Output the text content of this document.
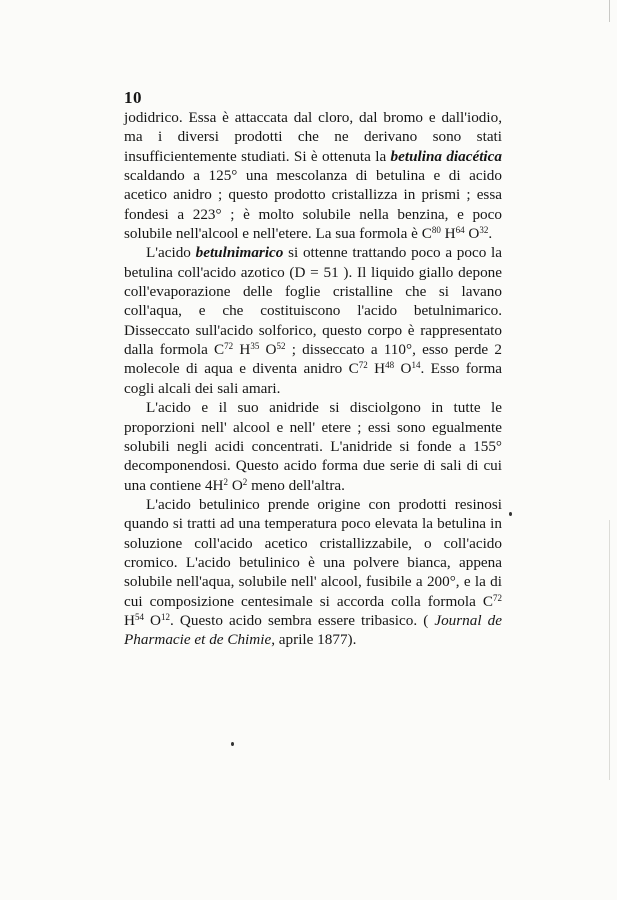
10

jodidrico. Essa è attaccata dal cloro, dal bromo e dall'iodio, ma i diversi prodotti che ne derivano sono stati insufficientemente studiati. Si è ottenuta la betulina diacética scaldando a 125° una mescolanza di betulina e di acido acetico anidro ; questo prodotto cristallizza in prismi ; essa fondesi a 223° ; è molto solubile nella benzina, e poco solubile nell'alcool e nell'etere. La sua formola è $C^{80}$ $H^{64}$ $O^{32}$.

L'acido betulnimarico si ottenne trattando poco a poco la betulina coll'acido azotico (D = 51 ). Il liquido giallo depone coll'evaporazione delle foglie cristalline che si lavano coll'aqua, e che costituiscono l'acido betulnimarico. Disseccato sull'acido solforico, questo corpo è rappresentato dalla formola $C^{72}$ $H^{35}$ $O^{52}$ ; disseccato a 110°, esso perde 2 molecole di aqua e diventa anidro $C^{72}$ $H^{48}$ $O^{14}$. Esso forma cogli alcali dei sali amari.

L'acido e il suo anidride si disciolgono in tutte le proporzioni nell' alcool e nell' etere ; essi sono egualmente solubili negli acidi concentrati. L'anidride si fonde a 155° decomponendosi. Questo acido forma due serie di sali di cui una contiene $4H^2$ $O^2$ meno dell'altra.

L'acido betulinico prende origine con prodotti resinosi quando si tratti ad una temperatura poco elevata la betulina in soluzione coll'acido acetico cristallizzabile, o coll'acido cromico. L'acido betulinico è una polvere bianca, appena solubile nell'aqua, solubile nell' alcool, fusibile a 200°, e la di cui composizione centesimale si accorda colla formola $C^{72}$ $H^{54}$ $O^{12}$. Questo acido sembra essere tribasico. ( Journal de Pharmacie et de Chimie, aprile 1877).
